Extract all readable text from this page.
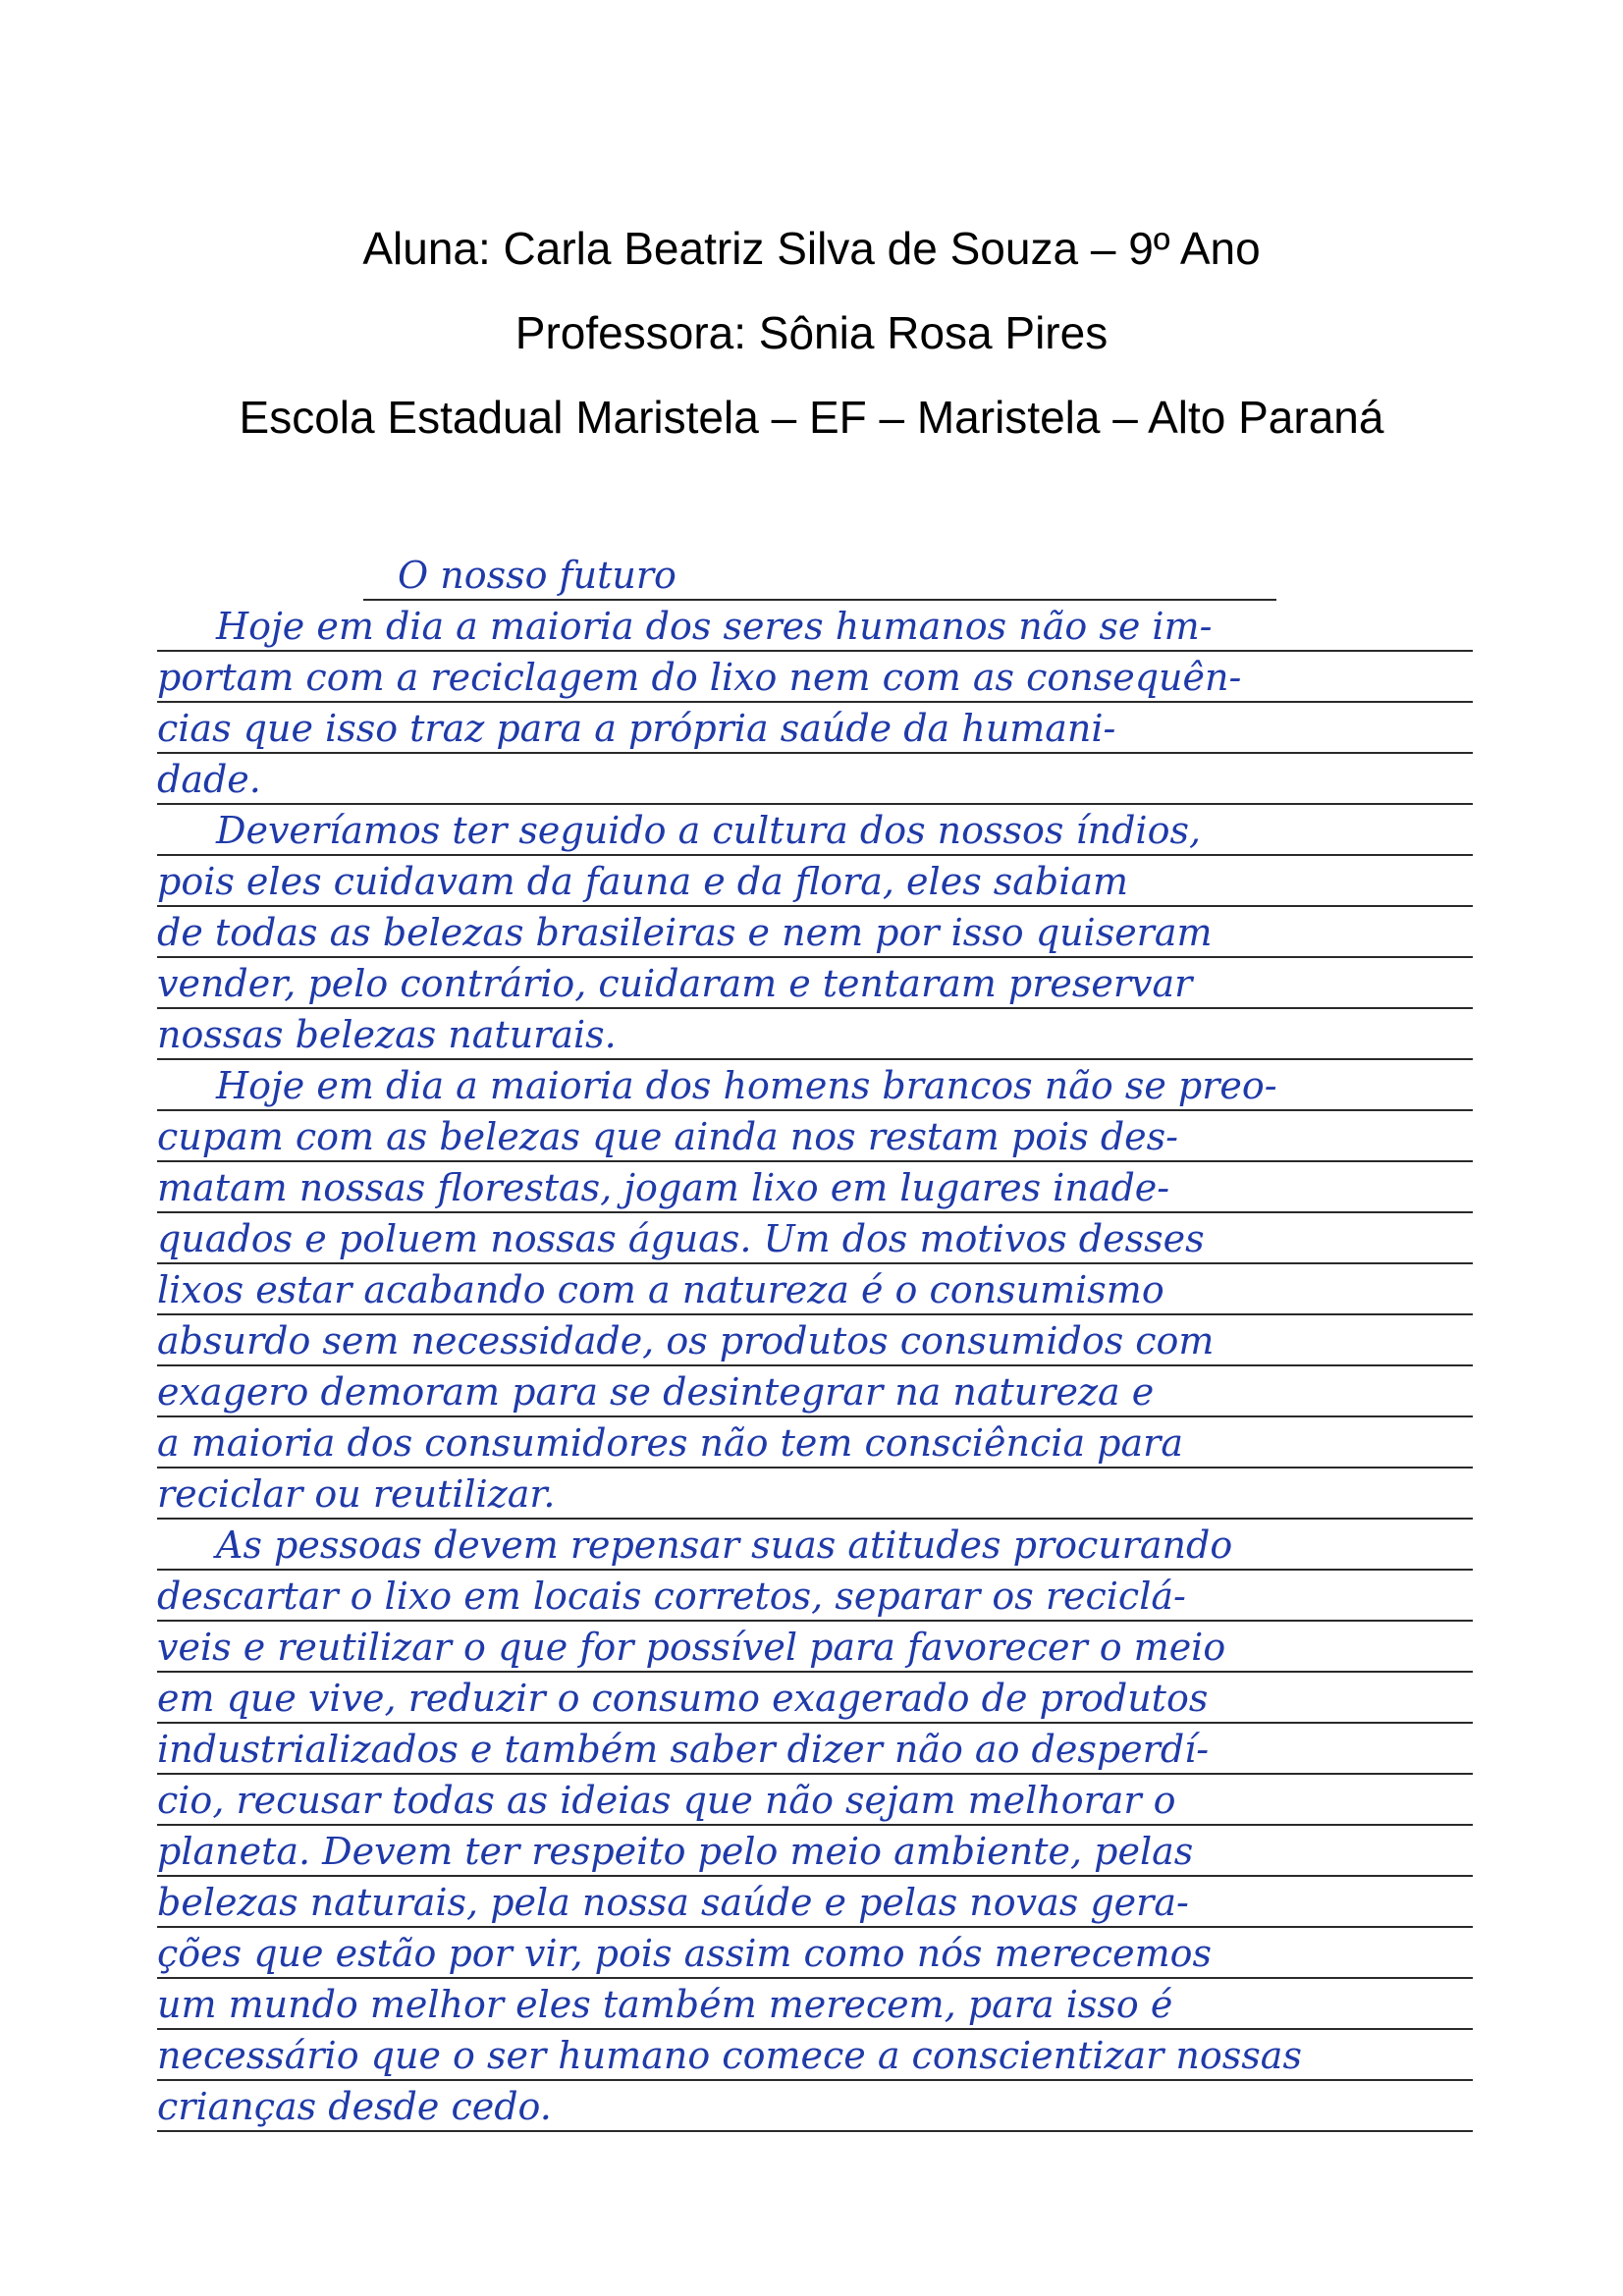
Aluna: Carla Beatriz Silva de Souza – 9º Ano
Professora: Sônia Rosa Pires
Escola Estadual Maristela – EF – Maristela – Alto Paraná
O nosso futuro
Hoje em dia a maioria dos seres humanos não se im-
portam com a reciclagem do lixo nem com as consequên-
cias que isso traz para a própria saúde da humani-
dade.
Deveríamos ter seguido a cultura dos nossos índios,
pois eles cuidavam da fauna e da flora, eles sabiam
de todas as belezas brasileiras e nem por isso quiseram
vender, pelo contrário, cuidaram e tentaram preservar
nossas belezas naturais.
Hoje em dia a maioria dos homens brancos não se preo-
cupam com as belezas que ainda nos restam pois des-
matam nossas florestas, jogam lixo em lugares inade-
quados e poluem nossas águas. Um dos motivos desses
lixos estar acabando com a natureza é o consumismo
absurdo sem necessidade, os produtos consumidos com
exagero demoram para se desintegrar na natureza e
a maioria dos consumidores não tem consciência para
reciclar ou reutilizar.
As pessoas devem repensar suas atitudes procurando
descartar o lixo em locais corretos, separar os reciclá-
veis e reutilizar o que for possível para favorecer o meio
em que vive, reduzir o consumo exagerado de produtos
industrializados e também saber dizer não ao desperdí-
cio, recusar todas as ideias que não sejam melhorar o
planeta. Devem ter respeito pelo meio ambiente, pelas
belezas naturais, pela nossa saúde e pelas novas gera-
ções que estão por vir, pois assim como nós merecemos
um mundo melhor eles também merecem, para isso é
necessário que o ser humano comece a conscientizar nossas
crianças desde cedo.
